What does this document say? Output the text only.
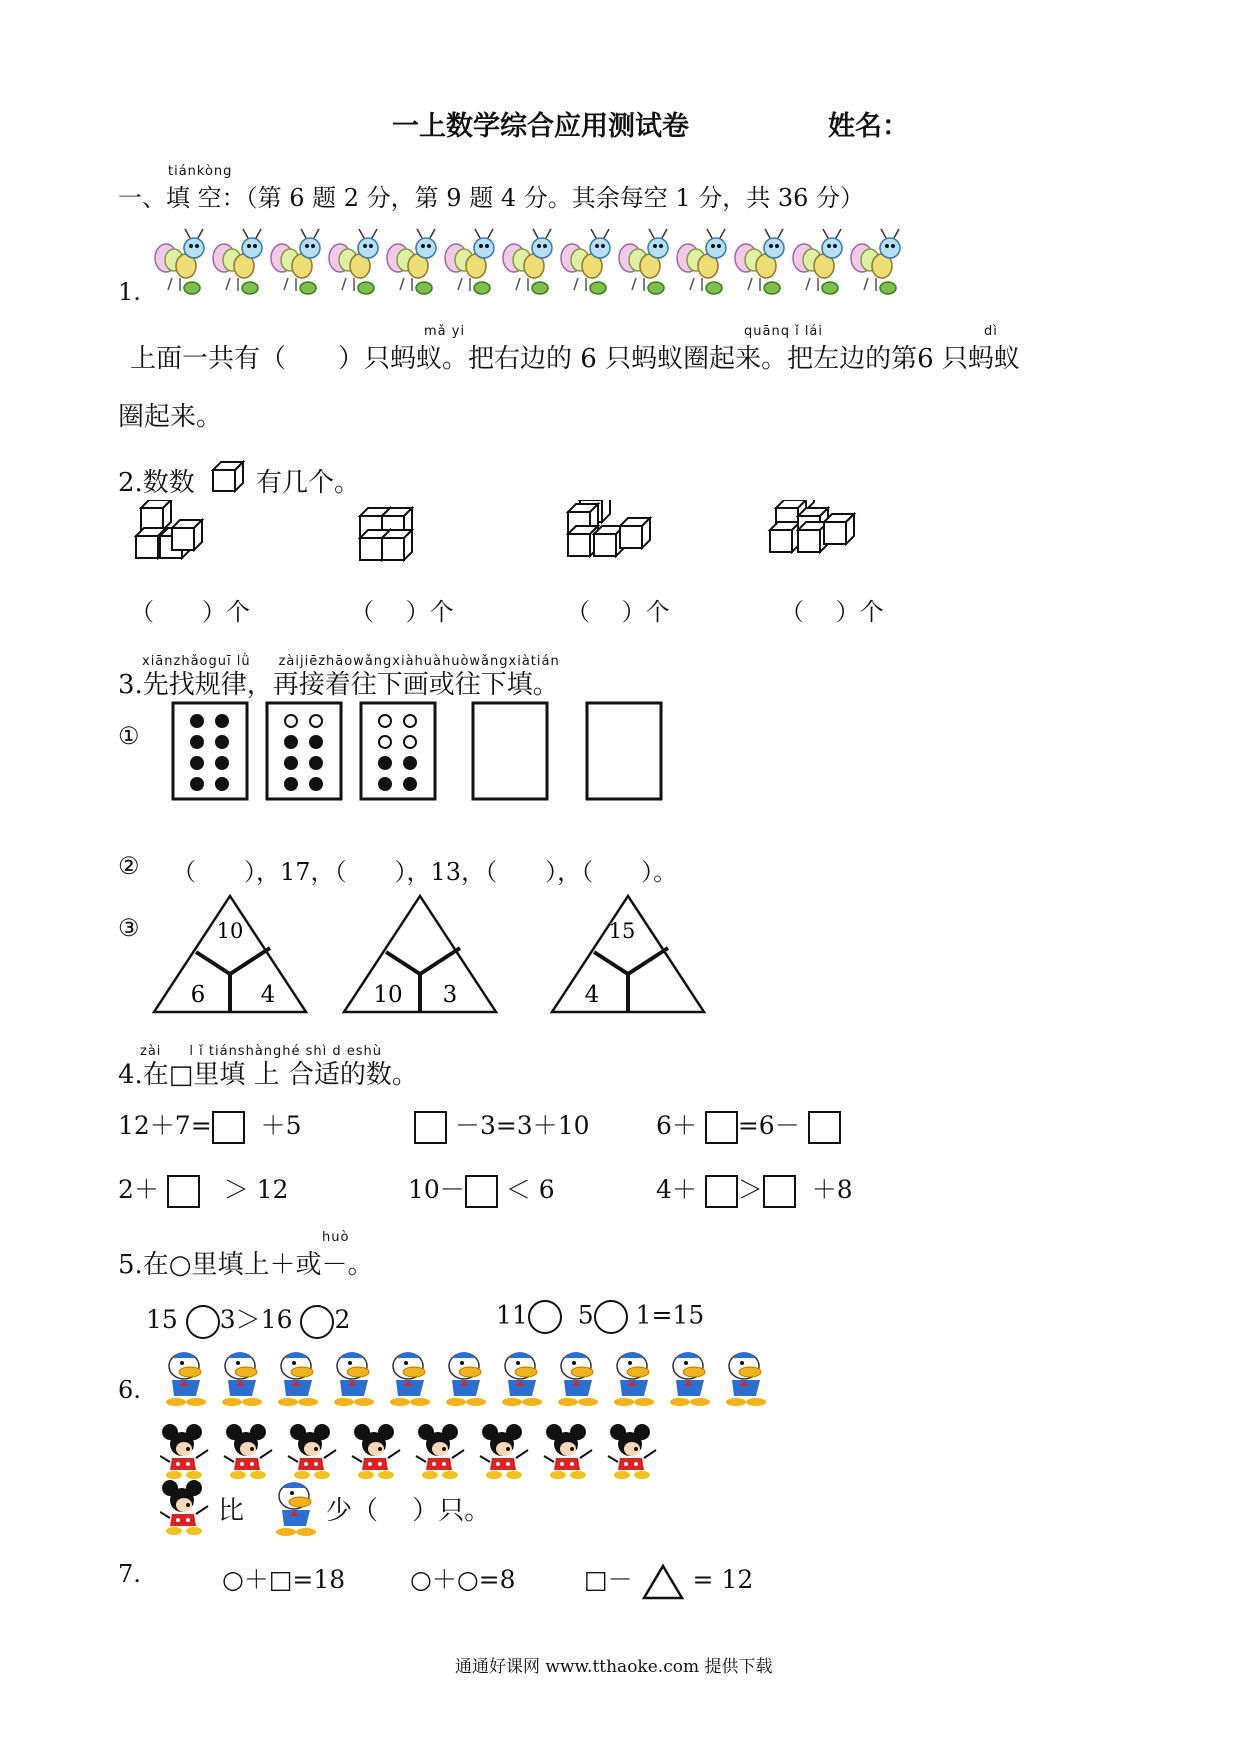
一上数学综合应用测试卷	姓名：
tiánkòng
一、填 空：（第 6 题 2 分，第 9 题 4 分。其余每空 1 分，共 36 分）
1.
mǎ yi	quānq ǐ lái	dì
上面一共有（　　）只蚂蚁。把右边的 6 只蚂蚁圈起来。把左边的第6 只蚂蚁
圈起来。
2.数数 有几个。
（　　）个	（　 ）个	（　 ）个	（　 ）个
xiānzhǎoguī lǜ　　zàijiēzhāowǎngxiàhuàhuòwǎngxiàtián
3.先找规律，再接着往下画或往下填。
①
② （　　），17，（　　），13，（　　），（　　）。
③	10
6 4	10 3
15
4
zài　　l ǐ tiánshànghé shì d eshù
4.在□里填 上 合适的数。
12＋7= ＋5	－3=3＋10	6＋ =6－
2＋	＞ 12	10－ ＜ 6	4＋ ＞ ＋8
huò
5.在○里填上＋或－。
15 3＞16 2	11 5 1=15
6.
比	少（　 ）只。
7.	○＋□=18	○＋○=8	□－ = 12
通通好课网 www.tthaoke.com 提供下载
